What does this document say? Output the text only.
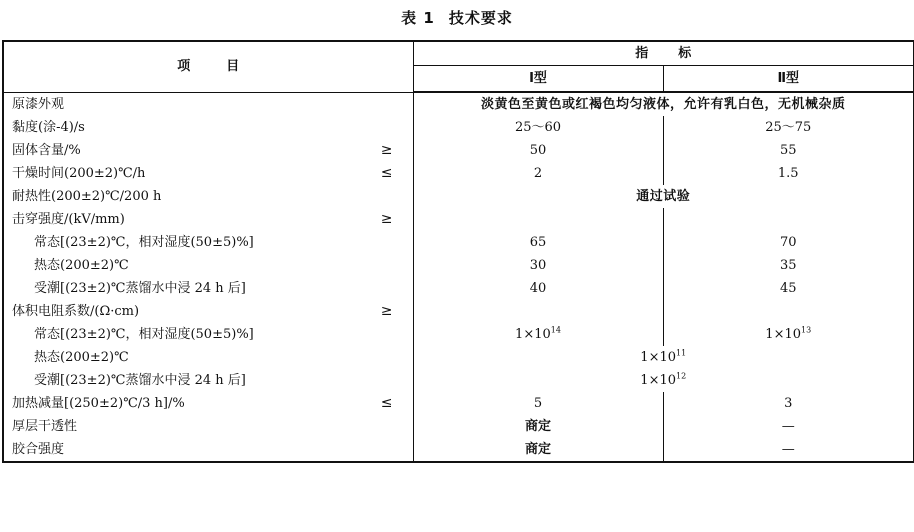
表 1 技术要求
项目	指标	
	Ⅰ型	Ⅱ型
原漆外观	淡黄色至黄色或红褐色均匀液体，允许有乳白色，无机械杂质	
黏度(涂-4)/s	25～60	25～75
固体含量/% ≥	50	55
干燥时间(200±2)℃/h ≤	2	1.5
耐热性(200±2)℃/200 h	通过试验	
击穿强度/(kV/mm) ≥		

常态[(23±2)℃，相对湿度(50±5)%]	65	70
热态(200±2)℃	30	35
受潮[(23±2)℃蒸馏水中浸 24 h 后]	40	45
体积电阻系数/(Ω·cm) ≥		

常态[(23±2)℃，相对湿度(50±5)%]	$1\times 10^{14}$	$1\times 10^{13}$
热态(200±2)℃	$1\times 10^{11}$
受潮[(23±2)℃蒸馏水中浸 24 h 后]	$1\times 10^{12}$
加热减量[(250±2)℃/3 h]/% ≤	5	3
厚层干透性	商定	—
胶合强度	商定	—
